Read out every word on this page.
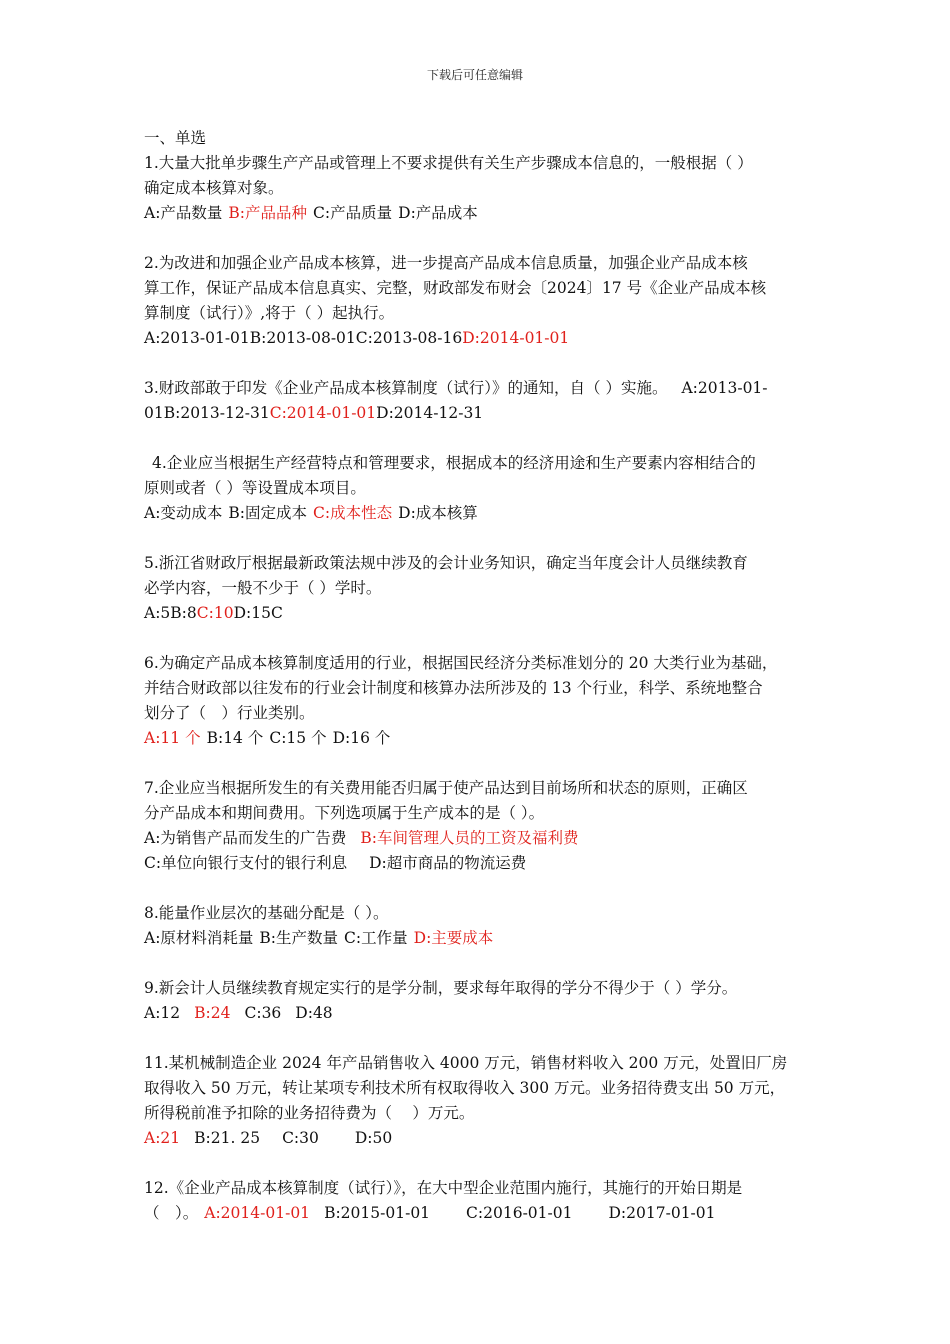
下载后可任意编辑
一、单选
1.大量大批单步骤生产产品或管理上不要求提供有关生产步骤成本信息的，一般根据（ ）
确定成本核算对象。
A:产品数量 B:产品品种 C:产品质量 D:产品成本
2.为改进和加强企业产品成本核算，进一步提高产品成本信息质量，加强企业产品成本核
算工作，保证产品成本信息真实、完整，财政部发布财会〔2024〕17 号《企业产品成本核
算制度（试行）》,将于（ ）起执行。
A:2013-01-01B:2013-08-01C:2013-08-16D:2014-01-01
3.财政部敢于印发《企业产品成本核算制度（试行）》的通知，自（ ）实施。 A:2013-01-
01B:2013-12-31C:2014-01-01D:2014-12-31
4.企业应当根据生产经营特点和管理要求，根据成本的经济用途和生产要素内容相结合的
原则或者（ ）等设置成本项目。
A:变动成本 B:固定成本 C:成本性态 D:成本核算
5.浙江省财政厅根据最新政策法规中涉及的会计业务知识，确定当年度会计人员继续教育
必学内容，一般不少于（ ）学时。
A:5B:8C:10D:15C
6.为确定产品成本核算制度适用的行业，根据国民经济分类标准划分的 20 大类行业为基础，
并结合财政部以往发布的行业会计制度和核算办法所涉及的 13 个行业，科学、系统地整合
划分了（　）行业类别。
A:11 个 B:14 个 C:15 个 D:16 个
7.企业应当根据所发生的有关费用能否归属于使产品达到目前场所和状态的原则，正确区
分产品成本和期间费用。下列选项属于生产成本的是（ ）。
A:为销售产品而发生的广告费 B:车间管理人员的工资及福利费
C:单位向银行支付的银行利息 D:超市商品的物流运费
8.能量作业层次的基础分配是（ ）。
A:原材料消耗量 B:生产数量 C:工作量 D:主要成本
9.新会计人员继续教育规定实行的是学分制，要求每年取得的学分不得少于（ ）学分。
A:12 B:24 C:36 D:48
11.某机械制造企业 2024 年产品销售收入 4000 万元，销售材料收入 200 万元，处置旧厂房
取得收入 50 万元，转让某项专利技术所有权取得收入 300 万元。业务招待费支出 50 万元，
所得税前准予扣除的业务招待费为（　 ）万元。
A:21 B:21. 25 C:30 D:50
12.《企业产品成本核算制度（试行）》，在大中型企业范围内施行，其施行的开始日期是
（　）。 A:2014-01-01 B:2015-01-01 C:2016-01-01 D:2017-01-01
